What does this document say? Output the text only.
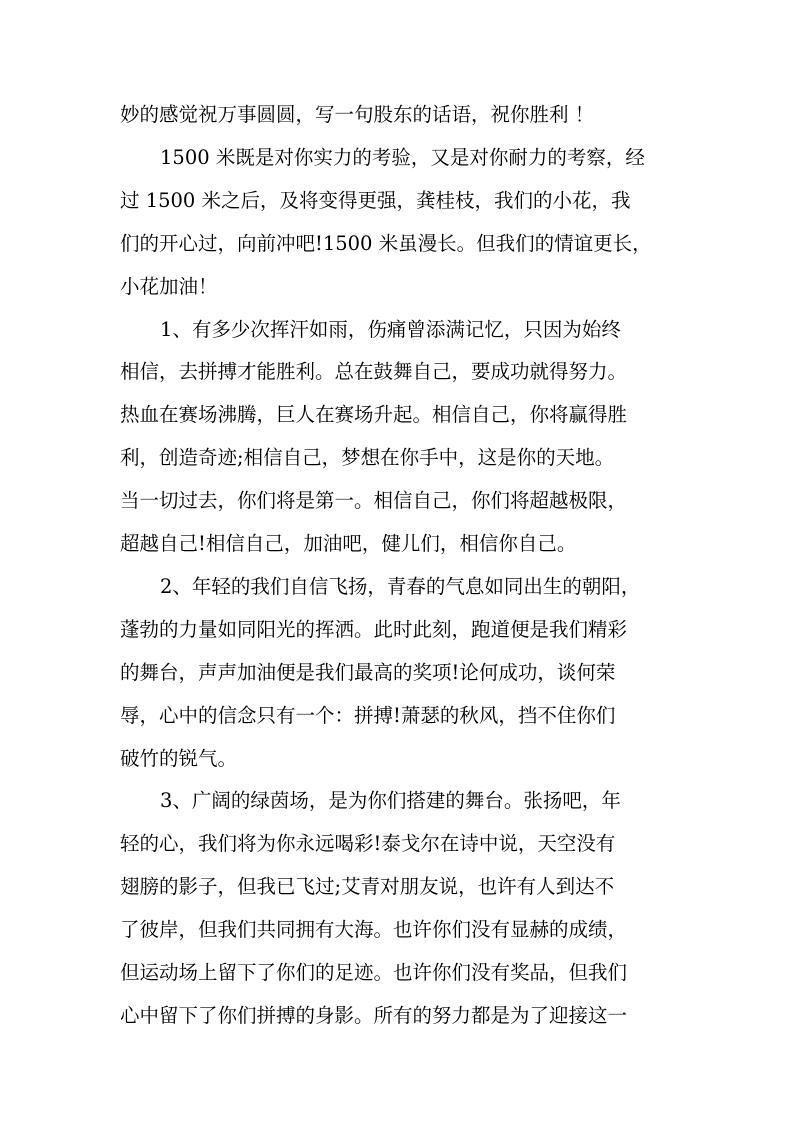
妙的感觉祝万事圆圆，写一句股东的话语，祝你胜利 ！
1500 米既是对你实力的考验，又是对你耐力的考察，经
过 1500 米之后，及将变得更强，龚桂枝，我们的小花，我
们的开心过，向前冲吧!1500 米虽漫长。但我们的情谊更长，
小花加油！
1、有多少次挥汗如雨，伤痛曾添满记忆，只因为始终
相信，去拼搏才能胜利。总在鼓舞自己，要成功就得努力。
热血在赛场沸腾，巨人在赛场升起。相信自己，你将赢得胜
利，创造奇迹;相信自己，梦想在你手中，这是你的天地。
当一切过去，你们将是第一。相信自己，你们将超越极限，
超越自己!相信自己，加油吧，健儿们，相信你自己。
2、年轻的我们自信飞扬，青春的气息如同出生的朝阳，
蓬勃的力量如同阳光的挥洒。此时此刻，跑道便是我们精彩
的舞台，声声加油便是我们最高的奖项!论何成功，谈何荣
辱，心中的信念只有一个：拼搏!萧瑟的秋风，挡不住你们
破竹的锐气。
3、广阔的绿茵场，是为你们搭建的舞台。张扬吧，年
轻的心，我们将为你永远喝彩!泰戈尔在诗中说，天空没有
翅膀的影子，但我已飞过;艾青对朋友说，也许有人到达不
了彼岸，但我们共同拥有大海。也许你们没有显赫的成绩，
但运动场上留下了你们的足迹。也许你们没有奖品，但我们
心中留下了你们拼搏的身影。所有的努力都是为了迎接这一
